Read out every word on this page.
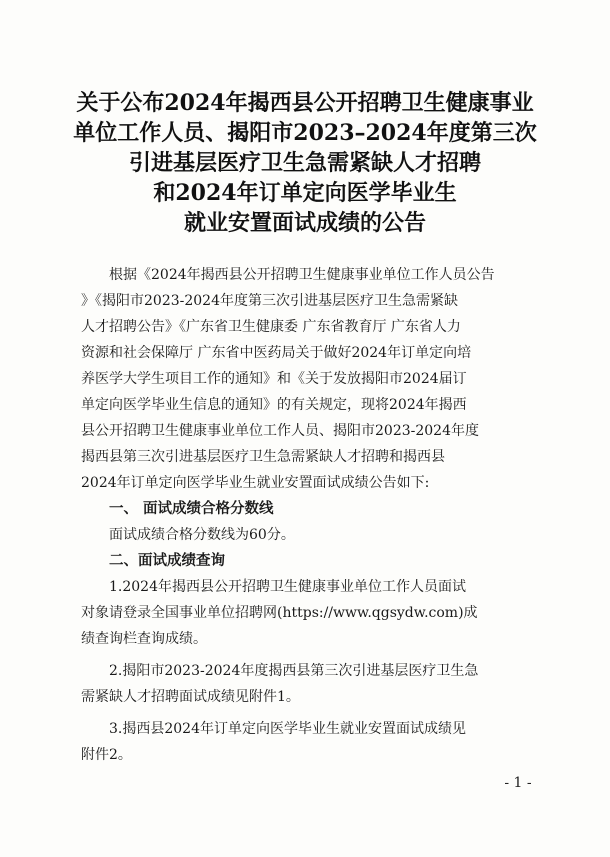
关于公布2024年揭西县公开招聘卫生健康事业
单位工作人员、揭阳市2023–2024年度第三次
引进基层医疗卫生急需紧缺人才招聘
和2024年订单定向医学毕业生
就业安置面试成绩的公告
根据《2024年揭西县公开招聘卫生健康事业单位工作人员公告
》《揭阳市2023-2024年度第三次引进基层医疗卫生急需紧缺
人才招聘公告》《广东省卫生健康委 广东省教育厅 广东省人力
资源和社会保障厅 广东省中医药局关于做好2024年订单定向培
养医学大学生项目工作的通知》和《关于发放揭阳市2024届订
单定向医学毕业生信息的通知》的有关规定，现将2024年揭西
县公开招聘卫生健康事业单位工作人员、揭阳市2023-2024年度
揭西县第三次引进基层医疗卫生急需紧缺人才招聘和揭西县
2024年订单定向医学毕业生就业安置面试成绩公告如下:
一、 面试成绩合格分数线
面试成绩合格分数线为60分。
二、面试成绩查询
1.2024年揭西县公开招聘卫生健康事业单位工作人员面试
对象请登录全国事业单位招聘网(https://www.qgsydw.com)成
绩查询栏查询成绩。
2.揭阳市2023-2024年度揭西县第三次引进基层医疗卫生急
需紧缺人才招聘面试成绩见附件1。
3.揭西县2024年订单定向医学毕业生就业安置面试成绩见
附件2。
- 1 -
